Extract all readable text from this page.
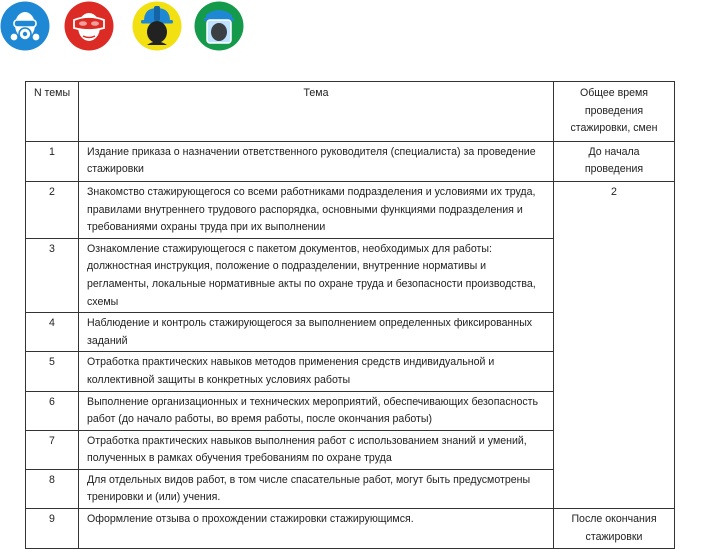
N темы	Тема	Общее время проведения стажировки, смен
1	Издание приказа о назначении ответственного руководителя (специалиста) за проведение стажировки	До начала проведения
2	Знакомство стажирующегося со всеми работниками подразделения и условиями их труда, правилами внутреннего трудового распорядка, основными функциями подразделения и требованиями охраны труда при их выполнении	2
3	Ознакомление стажирующегося с пакетом документов, необходимых для работы: должностная инструкция, положение о подразделении, внутренние нормативы и регламенты, локальные нормативные акты по охране труда и безопасности производства, схемы	
4	Наблюдение и контроль стажирующегося за выполнением определенных фиксированных заданий	
5	Отработка практических навыков методов применения средств индивидуальной и коллективной защиты в конкретных условиях работы	
6	Выполнение организационных и технических мероприятий, обеспечивающих безопасность работ (до начало работы, во время работы, после окончания работы)	
7	Отработка практических навыков выполнения работ с использованием знаний и умений, полученных в рамках обучения требованиям по охране труда	
8	Для отдельных видов работ, в том числе спасательные работ, могут быть предусмотрены тренировки и (или) учения.	
9	Оформление отзыва о прохождении стажировки стажирующимся.	После окончания стажировки
